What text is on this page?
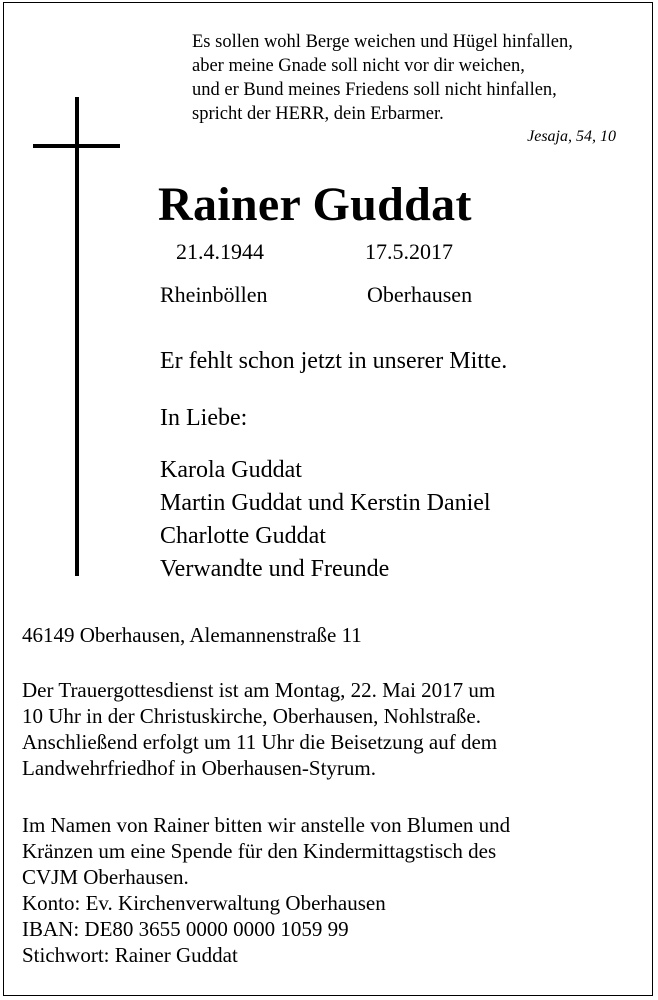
Es sollen wohl Berge weichen und Hügel hinfallen,
aber meine Gnade soll nicht vor dir weichen,
und er Bund meines Friedens soll nicht hinfallen,
spricht der HERR, dein Erbarmer.
Jesaja, 54, 10
Rainer Guddat
21.4.1944	17.5.2017
Rheinböllen	Oberhausen
Er fehlt schon jetzt in unserer Mitte.
In Liebe:
Karola Guddat
Martin Guddat und Kerstin Daniel
Charlotte Guddat
Verwandte und Freunde
46149 Oberhausen, Alemannenstraße 11
Der Trauergottesdienst ist am Montag, 22. Mai 2017 um
10 Uhr in der Christuskirche, Oberhausen, Nohlstraße.
Anschließend erfolgt um 11 Uhr die Beisetzung auf dem
Landwehrfriedhof in Oberhausen-Styrum.
Im Namen von Rainer bitten wir anstelle von Blumen und
Kränzen um eine Spende für den Kindermittagstisch des
CVJM Oberhausen.
Konto: Ev. Kirchenverwaltung Oberhausen
IBAN: DE80 3655 0000 0000 1059 99
Stichwort: Rainer Guddat
